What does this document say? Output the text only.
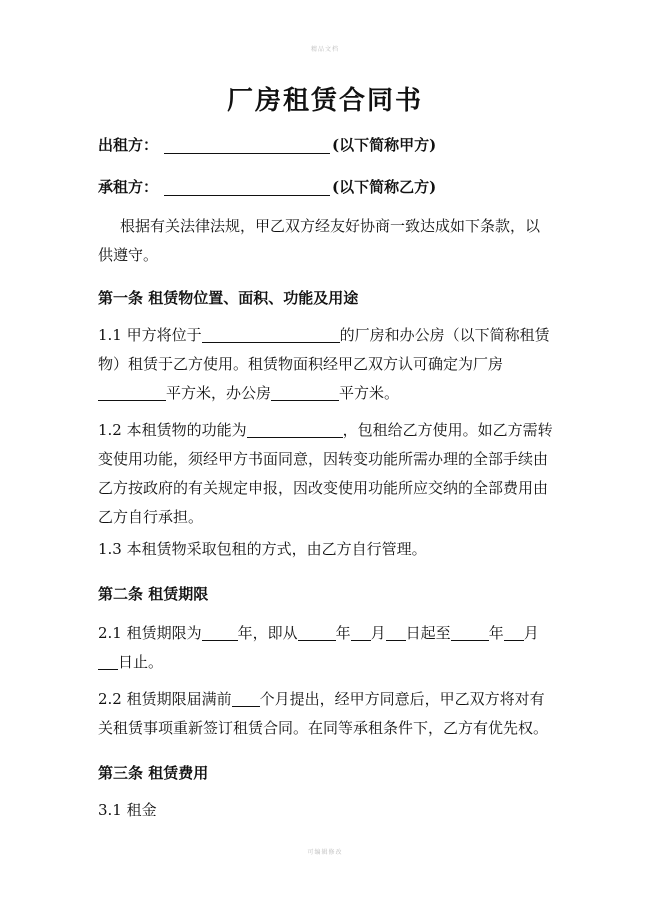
精品文档
厂房租赁合同书
出租方：	(以下简称甲方)
承租方：	(以下简称乙方)
根据有关法律法规，甲乙双方经友好协商一致达成如下条款，以供遵守。
第一条 租赁物位置、面积、功能及用途
1.1 甲方将位于	的厂房和办公房（以下简称租赁物）租赁于乙方使用。租赁物面积经甲乙双方认可确定为厂房
平方米，办公房	平方米。
1.2 本租赁物的功能为	，包租给乙方使用。如乙方需转变使用功能，须经甲方书面同意，因转变功能所需办理的全部手续由乙方按政府的有关规定申报，因改变使用功能所应交纳的全部费用由乙方自行承担。
1.3 本租赁物采取包租的方式，由乙方自行管理。
第二条 租赁期限
2.1 租赁期限为 年，即从	年 月 日起至	年 月
日止。
2.2 租赁期限届满前 个月提出，经甲方同意后，甲乙双方将对有关租赁事项重新签订租赁合同。在同等承租条件下，乙方有优先权。
第三条 租赁费用
3.1 租金
可编辑修改
